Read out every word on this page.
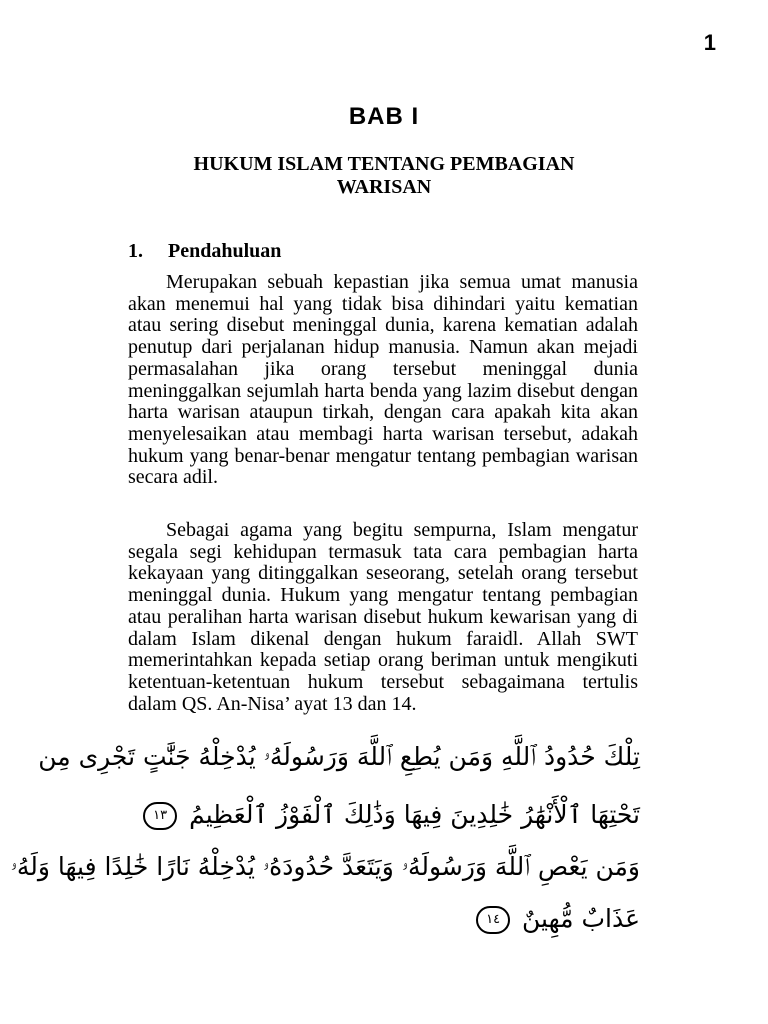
1
BAB I
HUKUM ISLAM TENTANG PEMBAGIAN WARISAN
1. Pendahuluan

Merupakan sebuah kepastian jika semua umat manusia akan menemui hal yang tidak bisa dihindari yaitu kematian atau sering disebut meninggal dunia, karena kematian adalah penutup dari perjalanan hidup manusia. Namun akan mejadi permasalahan jika orang tersebut meninggal dunia meninggalkan sejumlah harta benda yang lazim disebut dengan harta warisan ataupun tirkah, dengan cara apakah kita akan menyelesaikan atau membagi harta warisan tersebut, adakah hukum yang benar-benar mengatur tentang pembagian warisan secara adil.

Sebagai agama yang begitu sempurna, Islam mengatur segala segi kehidupan termasuk tata cara pembagian harta kekayaan yang ditinggalkan seseorang, setelah orang tersebut meninggal dunia. Hukum yang mengatur tentang pembagian atau peralihan harta warisan disebut hukum kewarisan yang di dalam Islam dikenal dengan hukum faraidl. Allah SWT memerintahkan kepada setiap orang beriman untuk mengikuti ketentuan-ketentuan hukum tersebut sebagaimana tertulis dalam QS. An-Nisa’ ayat 13 dan 14.

تِلْكَ حُدُودُ ٱللَّهِ وَمَن يُطِعِ ٱللَّهَ وَرَسُولَهُۥ يُدْخِلْهُ جَنَّٰتٍ تَجْرِى مِن
تَحْتِهَا ٱلْأَنْهَٰرُ خَٰلِدِينَ فِيهَا وَذَٰلِكَ ٱلْفَوْزُ ٱلْعَظِيمُ ١٣
وَمَن يَعْصِ ٱللَّهَ وَرَسُولَهُۥ وَيَتَعَدَّ حُدُودَهُۥ يُدْخِلْهُ نَارًا خَٰلِدًا فِيهَا وَلَهُۥ
عَذَابٌ مُّهِينٌ ١٤
